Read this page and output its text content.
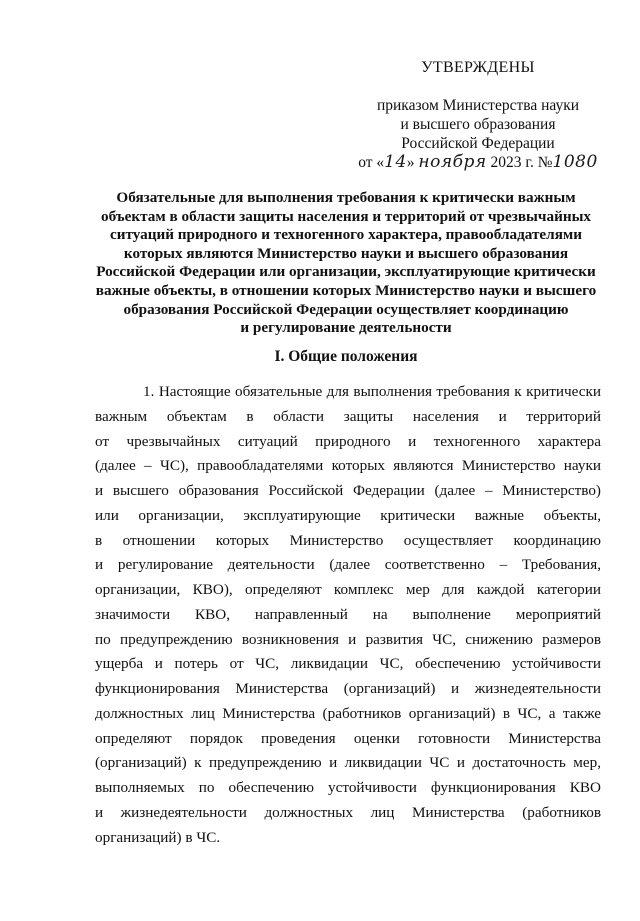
УТВЕРЖДЕНЫ
приказом Министерства науки
и высшего образования
Российской Федерации
от «14» ноября 2023 г. №1080
Обязательные для выполнения требования к критически важным
объектам в области защиты населения и территорий от чрезвычайных
ситуаций природного и техногенного характера, правообладателями
которых являются Министерство науки и высшего образования
Российской Федерации или организации, эксплуатирующие критически
важные объекты, в отношении которых Министерство науки и высшего
образования Российской Федерации осуществляет координацию
и регулирование деятельности
I. Общие положения
1. Настоящие обязательные для выполнения требования к критически
важным объектам в области защиты населения и территорий
от чрезвычайных ситуаций природного и техногенного характера
(далее – ЧС), правообладателями которых являются Министерство науки
и высшего образования Российской Федерации (далее – Министерство)
или организации, эксплуатирующие критически важные объекты,
в отношении которых Министерство осуществляет координацию
и регулирование деятельности (далее соответственно – Требования,
организации, КВО), определяют комплекс мер для каждой категории
значимости КВО, направленный на выполнение мероприятий
по предупреждению возникновения и развития ЧС, снижению размеров
ущерба и потерь от ЧС, ликвидации ЧС, обеспечению устойчивости
функционирования Министерства (организаций) и жизнедеятельности
должностных лиц Министерства (работников организаций) в ЧС, а также
определяют порядок проведения оценки готовности Министерства
(организаций) к предупреждению и ликвидации ЧС и достаточность мер,
выполняемых по обеспечению устойчивости функционирования КВО
и жизнедеятельности должностных лиц Министерства (работников
организаций) в ЧС.
